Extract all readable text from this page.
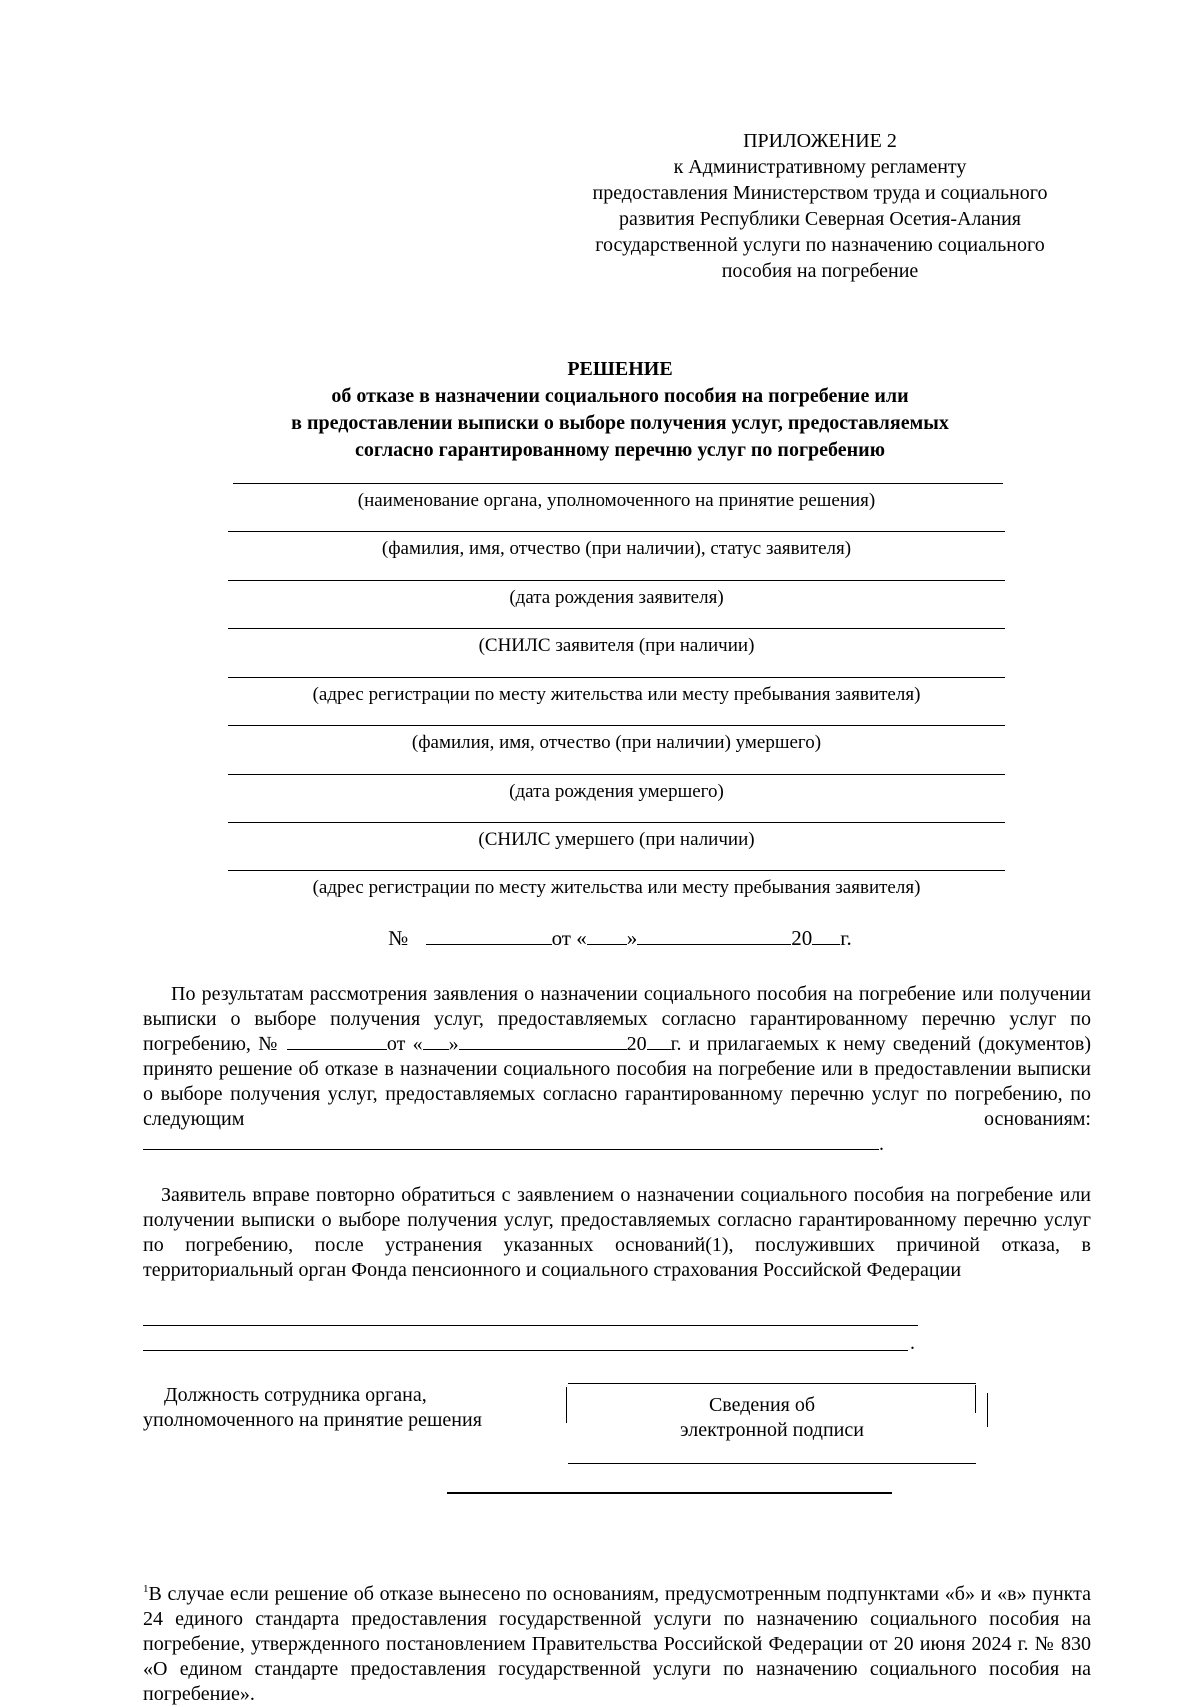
ПРИЛОЖЕНИЕ 2
к Административному регламенту
предоставления Министерством труда и социального
развития Республики Северная Осетия-Алания
государственной услуги по назначению социального
пособия на погребение
РЕШЕНИЕ
об отказе в назначении социального пособия на погребение или
в предоставлении выписки о выборе получения услуг, предоставляемых
согласно гарантированному перечню услуг по погребению
(наименование органа, уполномоченного на принятие решения)
(фамилия, имя, отчество (при наличии), статус заявителя)
(дата рождения заявителя)
(СНИЛС заявителя (при наличии)
(адрес регистрации по месту жительства или месту пребывания заявителя)
(фамилия, имя, отчество (при наличии) умершего)
(дата рождения умершего)
(СНИЛС умершего (при наличии)
(адрес регистрации по месту жительства или месту пребывания заявителя)
№	от « »	20 г.
По результатам рассмотрения заявления о назначении социального пособия на погребение или получении выписки о выборе получения услуг, предоставляемых согласно гарантированному перечню услуг по погребению, №	от « »	20 г. и прилагаемых к нему сведений (документов) принято решение об отказе в назначении социального пособия на погребение или в предоставлении выписки о выборе получения услуг, предоставляемых согласно гарантированному перечню услуг по погребению, по следующим основаниям:.
Заявитель вправе повторно обратиться с заявлением о назначении социального пособия на погребение или получении выписки о выборе получения услуг, предоставляемых согласно гарантированному перечню услуг по погребению, после устранения указанных оснований(1), послуживших причиной отказа, в территориальный орган Фонда пенсионного и социального страхования Российской Федерации
.
Должность сотрудника органа,
уполномоченного на принятие решения
Сведения об
электронной подписи
$^1$В случае если решение об отказе вынесено по основаниям, предусмотренным подпунктами «б» и «в» пункта 24 единого стандарта предоставления государственной услуги по назначению социального пособия на погребение, утвержденного постановлением Правительства Российской Федерации от 20 июня 2024 г. № 830 «О едином стандарте предоставления государственной услуги по назначению социального пособия на погребение».
